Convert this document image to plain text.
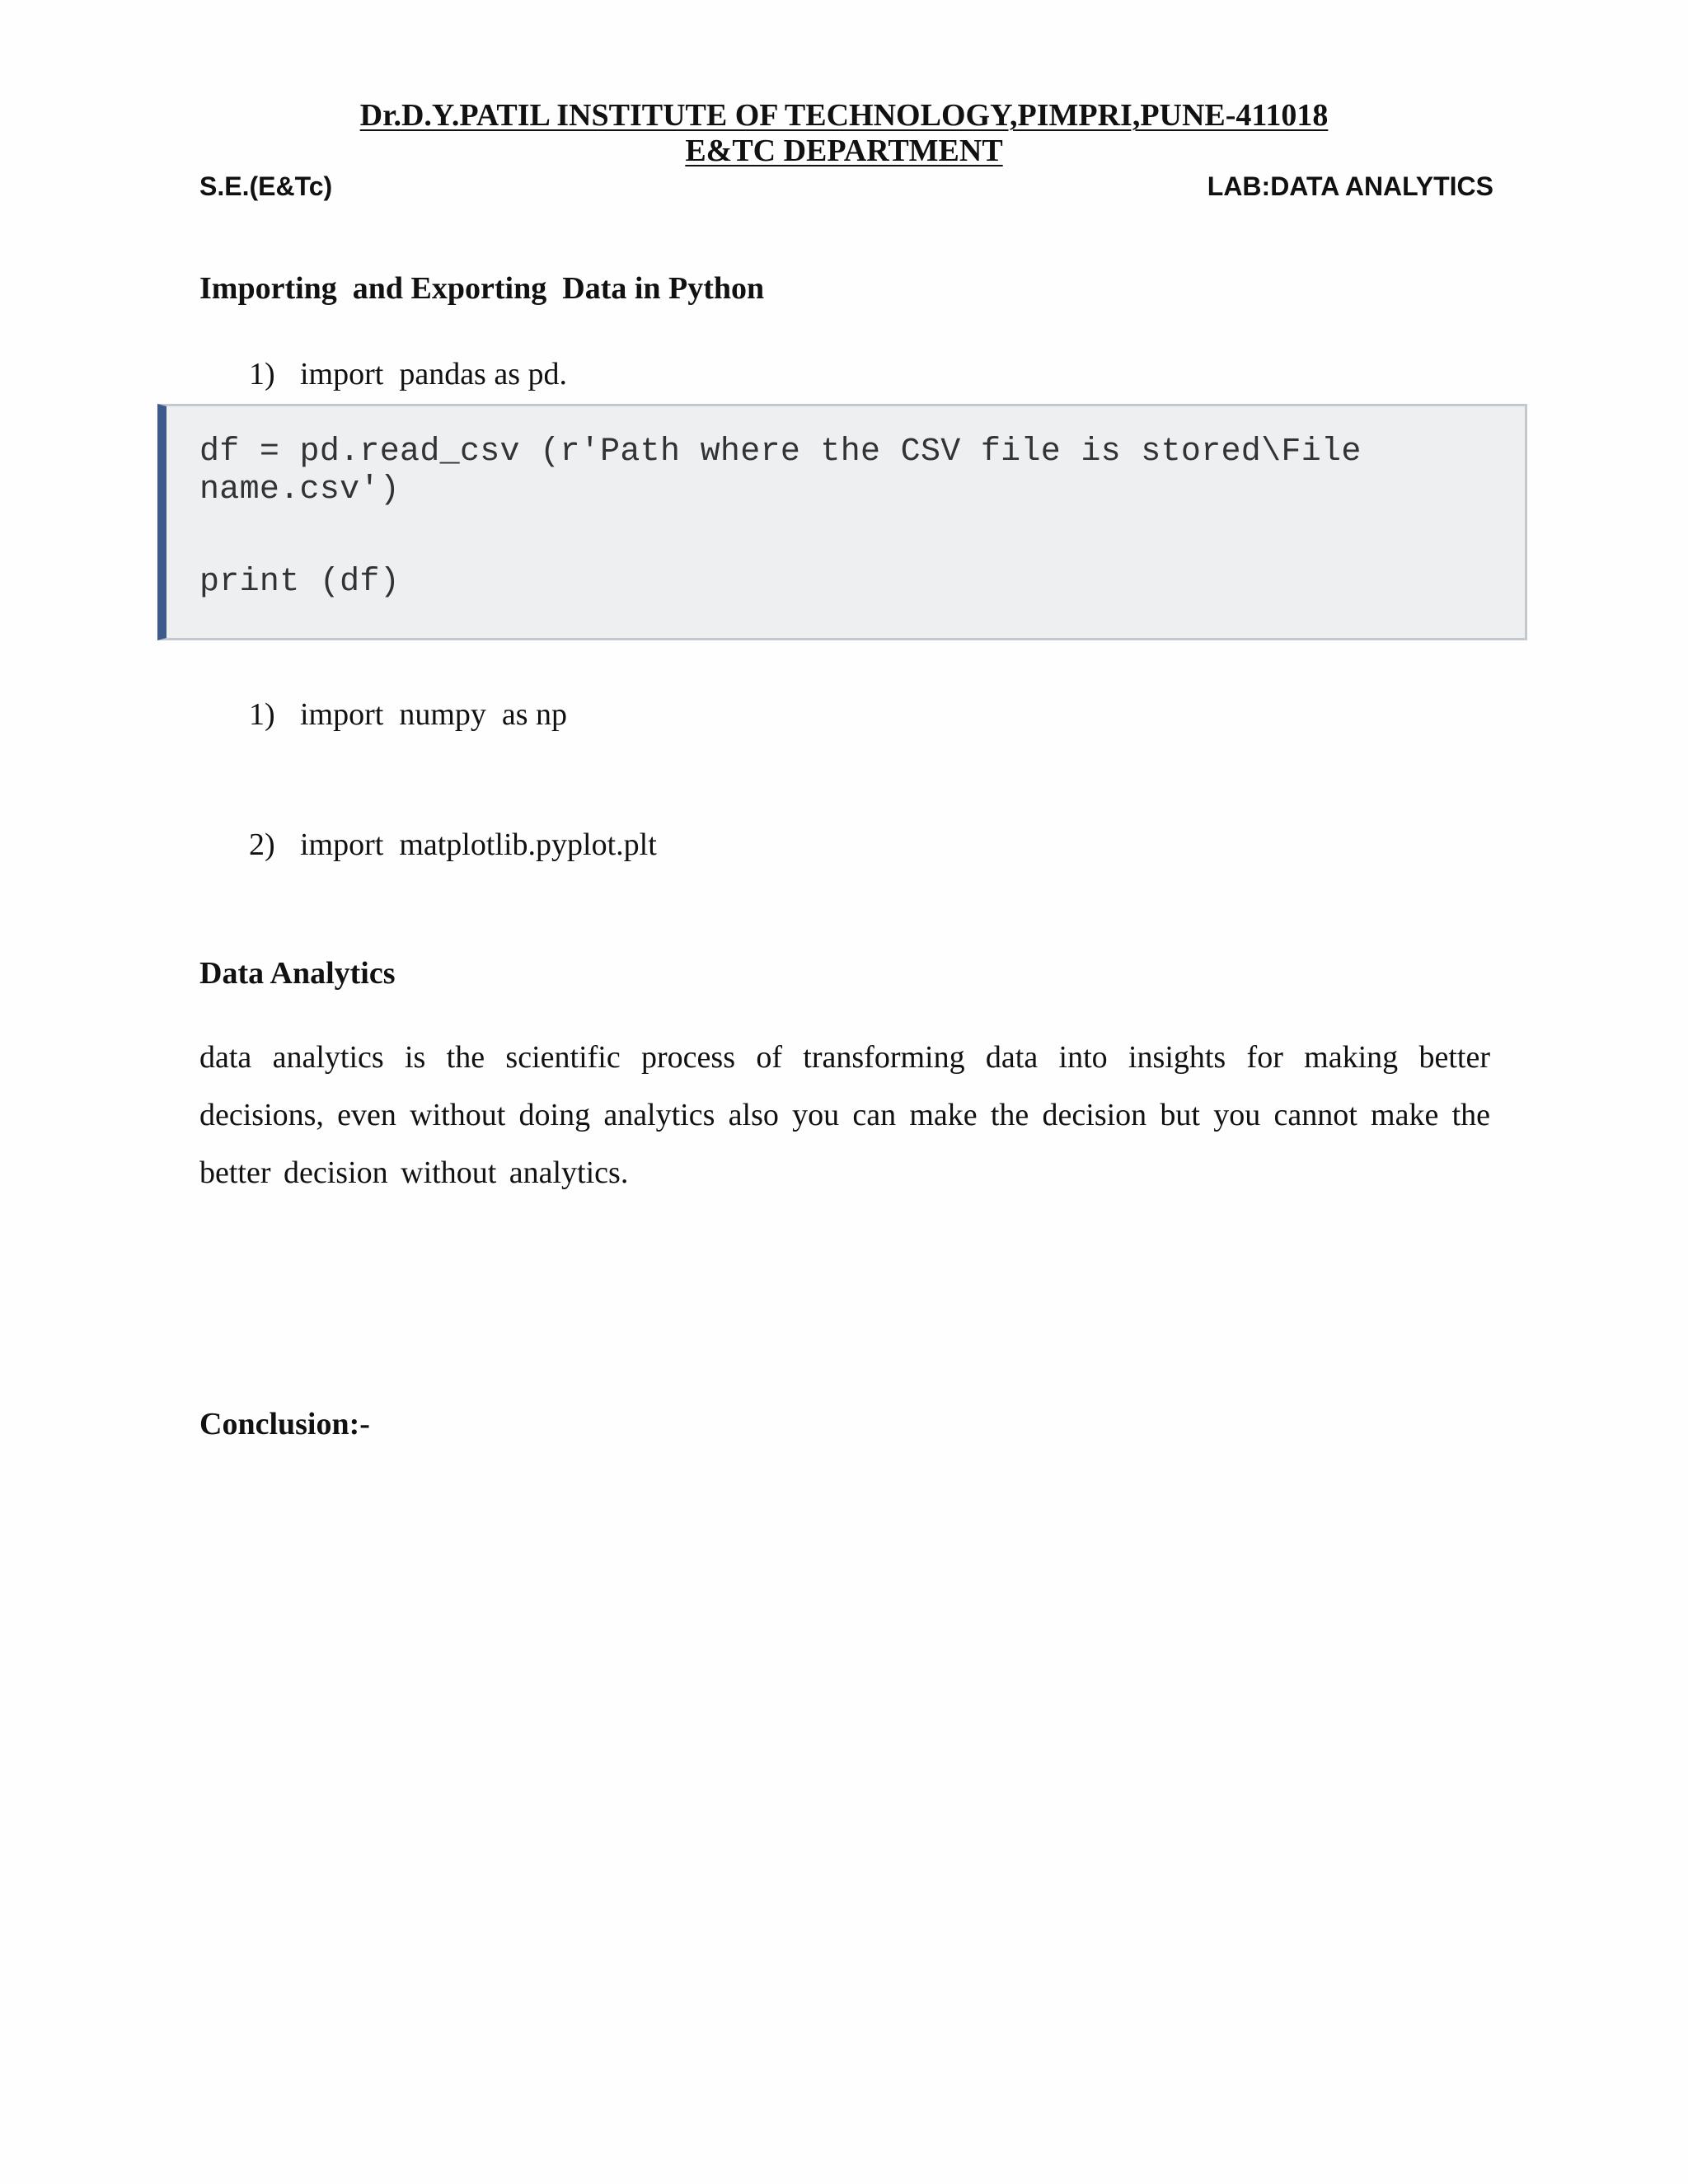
Dr.D.Y.PATIL INSTITUTE OF TECHNOLOGY,PIMPRI,PUNE-411018
E&TC DEPARTMENT
S.E.(E&Tc)	LAB:DATA ANALYTICS
Importing  and Exporting  Data in Python
1) import  pandas as pd.
df = pd.read_csv (r'Path where the CSV file is stored\File
name.csv')
print (df)
1) import  numpy  as np
2) import  matplotlib.pyplot.plt
Data Analytics
data analytics is the scientific process of transforming data into insights for making better decisions, even without doing analytics also you can make the decision but you cannot make the better decision without analytics.
Conclusion:-
